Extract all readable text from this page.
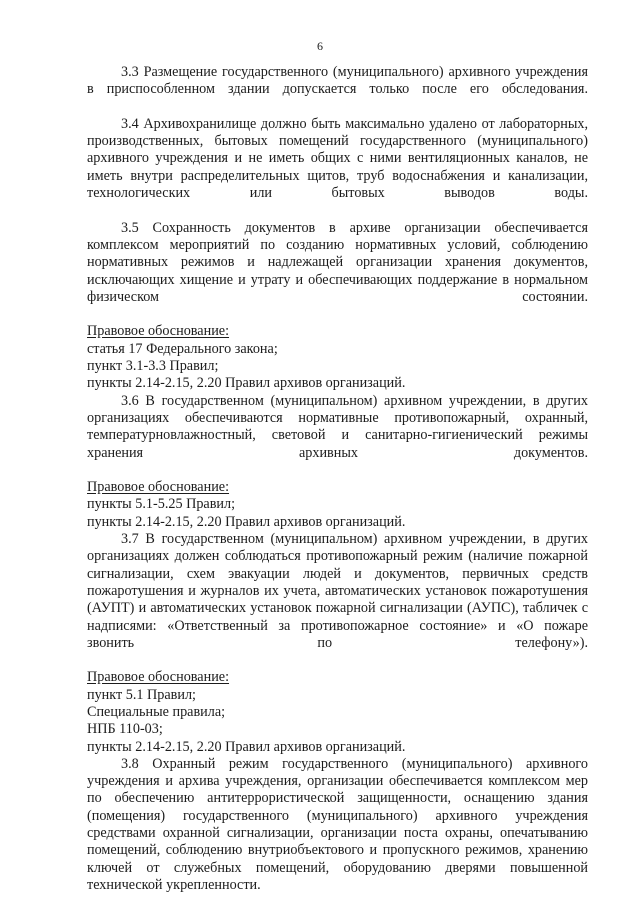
6

3.3 Размещение государственного (муниципального) архивного учреждения в приспособленном здании допускается только после его обследования.

3.4 Архивохранилище должно быть максимально удалено от лабораторных, производственных, бытовых помещений государственного (муниципального) архивного учреждения и не иметь общих с ними вентиляционных каналов, не иметь внутри распределительных щитов, труб водоснабжения и канализации, технологических или бытовых выводов воды.

3.5 Сохранность документов в архиве организации обеспечивается комплексом мероприятий по созданию нормативных условий, соблюдению нормативных режимов и надлежащей организации хранения документов, исключающих хищение и утрату и обеспечивающих поддержание в нормальном физическом состоянии.

Правовое обоснование:

статья 17 Федерального закона;

пункт 3.1-3.3 Правил;

пункты 2.14-2.15, 2.20 Правил архивов организаций.

3.6 В государственном (муниципальном) архивном учреждении, в других организациях обеспечиваются нормативные противопожарный, охранный, температурновлажностный, световой и санитарно-гигиенический режимы хранения архивных документов.

Правовое обоснование:

пункты 5.1-5.25 Правил;

пункты 2.14-2.15, 2.20 Правил архивов организаций.

3.7 В государственном (муниципальном) архивном учреждении, в других организациях должен соблюдаться противопожарный режим (наличие пожарной сигнализации, схем эвакуации людей и документов, первичных средств пожаротушения и журналов их учета, автоматических установок пожаротушения (АУПТ) и автоматических установок пожарной сигнализации (АУПС), табличек с надписями: «Ответственный за противопожарное состояние» и «О пожаре звонить по телефону»).

Правовое обоснование:

пункт 5.1 Правил;

Специальные правила;

НПБ 110-03;

пункты 2.14-2.15, 2.20 Правил архивов организаций.

3.8 Охранный режим государственного (муниципального) архивного учреждения и архива учреждения, организации обеспечивается комплексом мер по обеспечению антитеррористической защищенности, оснащению здания (помещения) государственного (муниципального) архивного учреждения средствами охранной сигнализации, организации поста охраны, опечатыванию помещений, соблюдению внутриобъектового и пропускного режимов, хранению ключей от служебных помещений, оборудованию дверями повышенной технической укрепленности.
